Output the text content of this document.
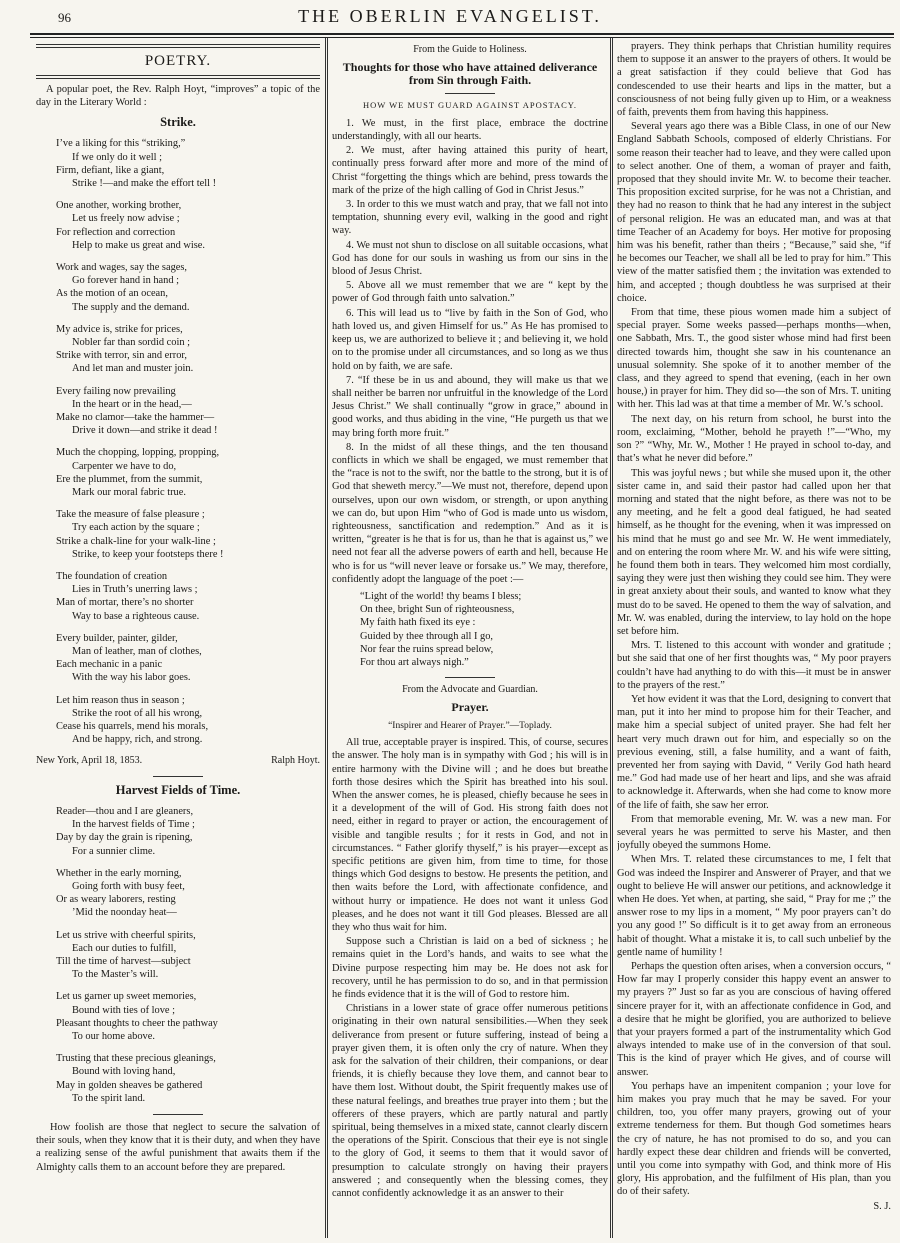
96	THE OBERLIN EVANGELIST.
POETRY.

A popular poet, the Rev. Ralph Hoyt, “improves” a topic of the day in the Literary World :

Strike.
I’ve a liking for this “striking,”
If we only do it well ;
Firm, defiant, like a giant,
Strike !—and make the effort tell !
One another, working brother,
Let us freely now advise ;
For reflection and correction
Help to make us great and wise.
Work and wages, say the sages,
Go forever hand in hand ;
As the motion of an ocean,
The supply and the demand.
My advice is, strike for prices,
Nobler far than sordid coin ;
Strike with terror, sin and error,
And let man and muster join.
Every failing now prevailing
In the heart or in the head,—
Make no clamor—take the hammer—
Drive it down—and strike it dead !
Much the chopping, lopping, propping,
Carpenter we have to do,
Ere the plummet, from the summit,
Mark our moral fabric true.
Take the measure of false pleasure ;
Try each action by the square ;
Strike a chalk-line for your walk-line ;
Strike, to keep your footsteps there !
The foundation of creation
Lies in Truth’s unerring laws ;
Man of mortar, there’s no shorter
Way to base a righteous cause.
Every builder, painter, gilder,
Man of leather, man of clothes,
Each mechanic in a panic
With the way his labor goes.
Let him reason thus in season ;
Strike the root of all his wrong,
Cease his quarrels, mend his morals,
And be happy, rich, and strong.
New York, April 18, 1853.	Ralph Hoyt.
Harvest Fields of Time.
Reader—thou and I are gleaners,
In the harvest fields of Time ;
Day by day the grain is ripening,
For a sunnier clime.
Whether in the early morning,
Going forth with busy feet,
Or as weary laborers, resting
’Mid the noonday heat—
Let us strive with cheerful spirits,
Each our duties to fulfill,
Till the time of harvest—subject
To the Master’s will.
Let us garner up sweet memories,
Bound with ties of love ;
Pleasant thoughts to cheer the pathway
To our home above.
Trusting that these precious gleanings,
Bound with loving hand,
May in golden sheaves be gathered
To the spirit land.

How foolish are those that neglect to secure the salvation of their souls, when they know that it is their duty, and when they have a realizing sense of the awful punishment that awaits them if the Almighty calls them to an account before they are prepared.

From the Guide to Holiness.
Thoughts for those who have attained deliverance from Sin through Faith.
HOW WE MUST GUARD AGAINST APOSTACY.

1. We must, in the first place, embrace the doctrine understandingly, with all our hearts.

2. We must, after having attained this purity of heart, continually press forward after more and more of the mind of Christ “forgetting the things which are behind, press towards the mark of the prize of the high calling of God in Christ Jesus.”

3. In order to this we must watch and pray, that we fall not into temptation, shunning every evil, walking in the good and right way.

4. We must not shun to disclose on all suitable occasions, what God has done for our souls in washing us from our sins in the blood of Jesus Christ.

5. Above all we must remember that we are “ kept by the power of God through faith unto salvation.”

6. This will lead us to “live by faith in the Son of God, who hath loved us, and given Himself for us.” As He has promised to keep us, we are authorized to believe it ; and believing it, we hold on to the promise under all circumstances, and so long as we thus hold on by faith, we are safe.

7. “If these be in us and abound, they will make us that we shall neither be barren nor unfruitful in the knowledge of the Lord Jesus Christ.” We shall continually “grow in grace,” abound in good works, and thus abiding in the vine, “He purgeth us that we may bring forth more fruit.”

8. In the midst of all these things, and the ten thousand conflicts in which we shall be engaged, we must remember that the “race is not to the swift, nor the battle to the strong, but it is of God that sheweth mercy.”—We must not, therefore, depend upon ourselves, upon our own wisdom, or strength, or upon anything we can do, but upon Him “who of God is made unto us wisdom, righteousness, sanctification and redemption.” And as it is written, “greater is he that is for us, than he that is against us,” we need not fear all the adverse powers of earth and hell, because He who is for us “will never leave or forsake us.” We may, therefore, confidently adopt the language of the poet :—

“Light of the world! thy beams I bless;
On thee, bright Sun of righteousness,
My faith hath fixed its eye :
Guided by thee through all I go,
Nor fear the ruins spread below,
For thou art always nigh.”
From the Advocate and Guardian.
Prayer.
“Inspirer and Hearer of Prayer.”—Toplady.

All true, acceptable prayer is inspired. This, of course, secures the answer. The holy man is in sympathy with God ; his will is in entire harmony with the Divine will ; and he does but breathe forth those desires which the Spirit has breathed into his soul. When the answer comes, he is pleased, chiefly because he sees in it a development of the will of God. His strong faith does not need, either in regard to prayer or action, the encouragement of visible and tangible results ; for it rests in God, and not in circumstances. “ Father glorify thyself,” is his prayer—except as specific petitions are given him, from time to time, for those things which God designs to bestow. He presents the petition, and then waits before the Lord, with affectionate confidence, and without hurry or impatience. He does not want it unless God pleases, and he does not want it till God pleases. Blessed are all they who thus wait for him.

Suppose such a Christian is laid on a bed of sickness ; he remains quiet in the Lord’s hands, and waits to see what the Divine purpose respecting him may be. He does not ask for recovery, until he has permission to do so, and in that permission he finds evidence that it is the will of God to restore him.

Christians in a lower state of grace offer numerous petitions originating in their own natural sensibilities.—When they seek deliverance from present or future suffering, instead of being a prayer given them, it is often only the cry of nature. When they ask for the salvation of their children, their companions, or dear friends, it is chiefly because they love them, and cannot bear to have them lost. Without doubt, the Spirit frequently makes use of these natural feelings, and breathes true prayer into them ; but the offerers of these prayers, which are partly natural and partly spiritual, being themselves in a mixed state, cannot clearly discern the operations of the Spirit. Conscious that their eye is not single to the glory of God, it seems to them that it would savor of presumption to calculate strongly on having their prayers answered ; and consequently when the blessing comes, they cannot confidently acknowledge it as an answer to their

prayers. They think perhaps that Christian humility requires them to suppose it an answer to the prayers of others. It would be a great satisfaction if they could believe that God has condescended to use their hearts and lips in the matter, but a consciousness of not being fully given up to Him, or a weakness of faith, prevents them from having this happiness.

Several years ago there was a Bible Class, in one of our New England Sabbath Schools, composed of elderly Christians. For some reason their teacher had to leave, and they were called upon to select another. One of them, a woman of prayer and faith, proposed that they should invite Mr. W. to become their teacher. This proposition excited surprise, for he was not a Christian, and they had no reason to think that he had any interest in the subject of personal religion. He was an educated man, and was at that time Teacher of an Academy for boys. Her motive for proposing him was his benefit, rather than theirs ; “Because,” said she, “if he becomes our Teacher, we shall all be led to pray for him.” This view of the matter satisfied them ; the invitation was extended to him, and accepted ; though doubtless he was surprised at their choice.

From that time, these pious women made him a subject of special prayer. Some weeks passed—perhaps months—when, one Sabbath, Mrs. T., the good sister whose mind had first been directed towards him, thought she saw in his countenance an unusual solemnity. She spoke of it to another member of the class, and they agreed to spend that evening, (each in her own house,) in prayer for him. They did so—the son of Mrs. T. uniting with her. This lad was at that time a member of Mr. W.’s school.

The next day, on his return from school, he burst into the room, exclaiming, “Mother, behold he prayeth !”—“Who, my son ?” “Why, Mr. W., Mother ! He prayed in school to-day, and that’s what he never did before.”

This was joyful news ; but while she mused upon it, the other sister came in, and said their pastor had called upon her that morning and stated that the night before, as there was not to be any meeting, and he felt a good deal fatigued, he had seated himself, as he thought for the evening, when it was impressed on his mind that he must go and see Mr. W. He went immediately, and on entering the room where Mr. W. and his wife were sitting, he found them both in tears. They welcomed him most cordially, saying they were just then wishing they could see him. They were in great anxiety about their souls, and wanted to know what they must do to be saved. He opened to them the way of salvation, and Mr. W. was enabled, during the interview, to lay hold on the hope set before him.

Mrs. T. listened to this account with wonder and gratitude ; but she said that one of her first thoughts was, “ My poor prayers couldn’t have had anything to do with this—it must be in answer to the prayers of the rest.”

Yet how evident it was that the Lord, designing to convert that man, put it into her mind to propose him for their Teacher, and make him a special subject of united prayer. She had felt her heart very much drawn out for him, and especially so on the previous evening, still, a false humility, and a want of faith, prevented her from saying with David, “ Verily God hath heard me.” God had made use of her heart and lips, and she was afraid to acknowledge it. Afterwards, when she had come to know more of the life of faith, she saw her error.

From that memorable evening, Mr. W. was a new man. For several years he was permitted to serve his Master, and then joyfully obeyed the summons Home.

When Mrs. T. related these circumstances to me, I felt that God was indeed the Inspirer and Answerer of Prayer, and that we ought to believe He will answer our petitions, and acknowledge it when He does. Yet when, at parting, she said, “ Pray for me ;” the answer rose to my lips in a moment, “ My poor prayers can’t do you any good !” So difficult is it to get away from an erroneous habit of thought. What a mistake it is, to call such unbelief by the gentle name of humility !

Perhaps the question often arises, when a conversion occurs, “ How far may I properly consider this happy event an answer to my prayers ?” Just so far as you are conscious of having offered sincere prayer for it, with an affectionate confidence in God, and a desire that he might be glorified, you are authorized to believe that your prayers formed a part of the instrumentality which God always intended to make use of in the conversion of that soul. This is the kind of prayer which He gives, and of course will answer.

You perhaps have an impenitent companion ; your love for him makes you pray much that he may be saved. For your children, too, you offer many prayers, growing out of your extreme tenderness for them. But though God sometimes hears the cry of nature, he has not promised to do so, and you can hardly expect these dear children and friends will be converted, until you come into sympathy with God, and think more of His glory, His approbation, and the fulfilment of His plan, than you do of their safety.

S. J.
